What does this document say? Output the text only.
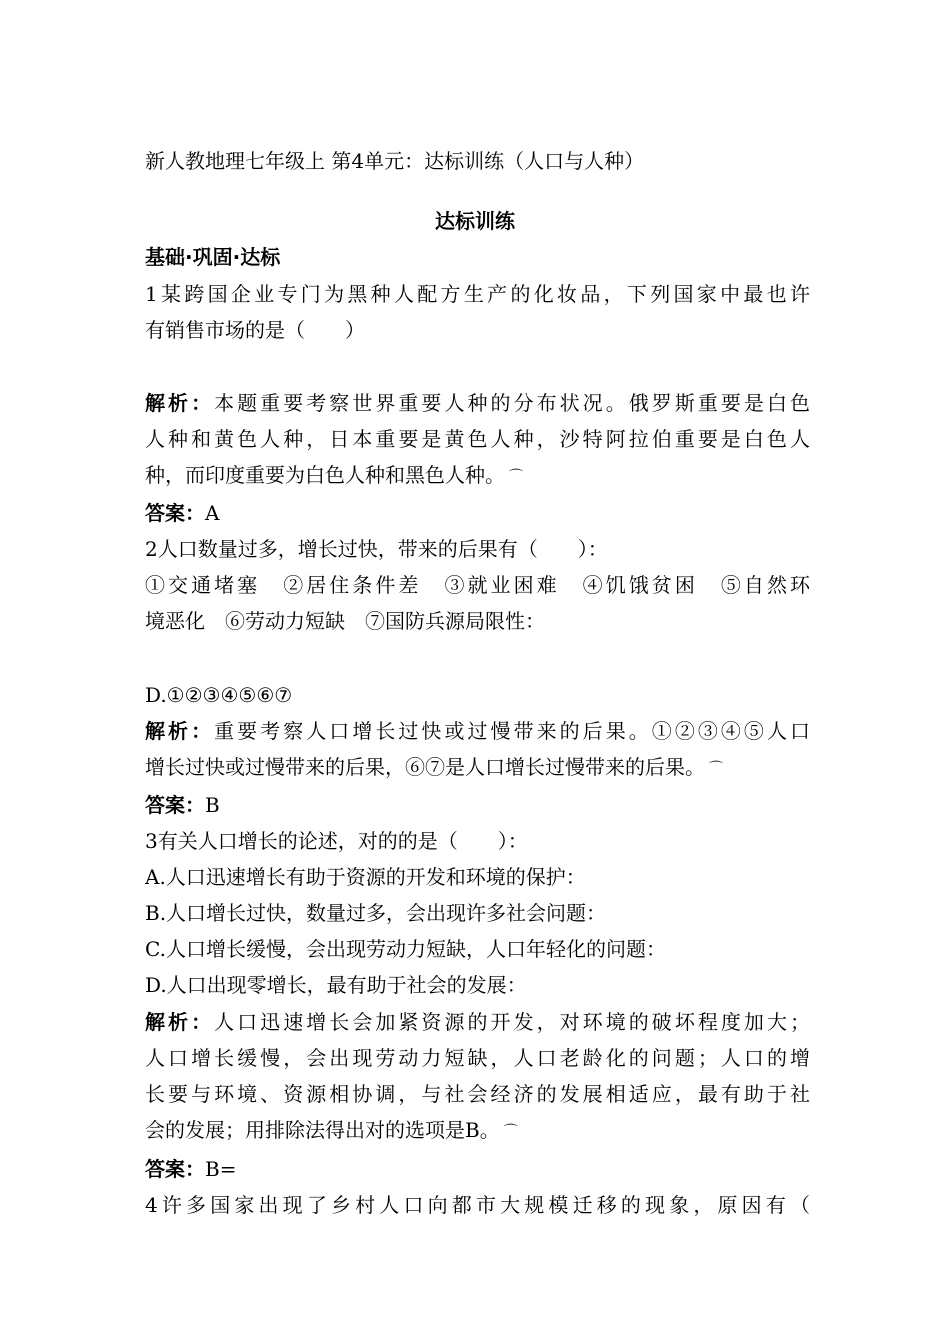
新人教地理七年级上 第4单元：达标训练（人口与人种）
达标训练
基础·巩固·达标
1某跨国企业专门为黑种人配方生产的化妆品，下列国家中最也许
有销售市场的是（　　）
解析：本题重要考察世界重要人种的分布状况。俄罗斯重要是白色
人种和黄色人种，日本重要是黄色人种，沙特阿拉伯重要是白色人
种，而印度重要为白色人种和黑色人种。 ⌒
答案：A
2人口数量过多，增长过快，带来的后果有（　　）：
①交通堵塞　②居住条件差　③就业困难　④饥饿贫困　⑤自然环
境恶化　⑥劳动力短缺　⑦国防兵源局限性：
D.①②③④⑤⑥⑦
解析：重要考察人口增长过快或过慢带来的后果。①②③④⑤人口
增长过快或过慢带来的后果，⑥⑦是人口增长过慢带来的后果。 ⌒
答案：B
3有关人口增长的论述，对的的是（　　）：
A.人口迅速增长有助于资源的开发和环境的保护：
B.人口增长过快，数量过多，会出现许多社会问题：
C.人口增长缓慢，会出现劳动力短缺，人口年轻化的问题：
D.人口出现零增长，最有助于社会的发展：
解析：人口迅速增长会加紧资源的开发，对环境的破坏程度加大；
人口增长缓慢，会出现劳动力短缺，人口老龄化的问题；人口的增
长要与环境、资源相协调，与社会经济的发展相适应，最有助于社
会的发展；用排除法得出对的选项是B。 ⌒
答案：B=
4许多国家出现了乡村人口向都市大规模迁移的现象，原因有（
